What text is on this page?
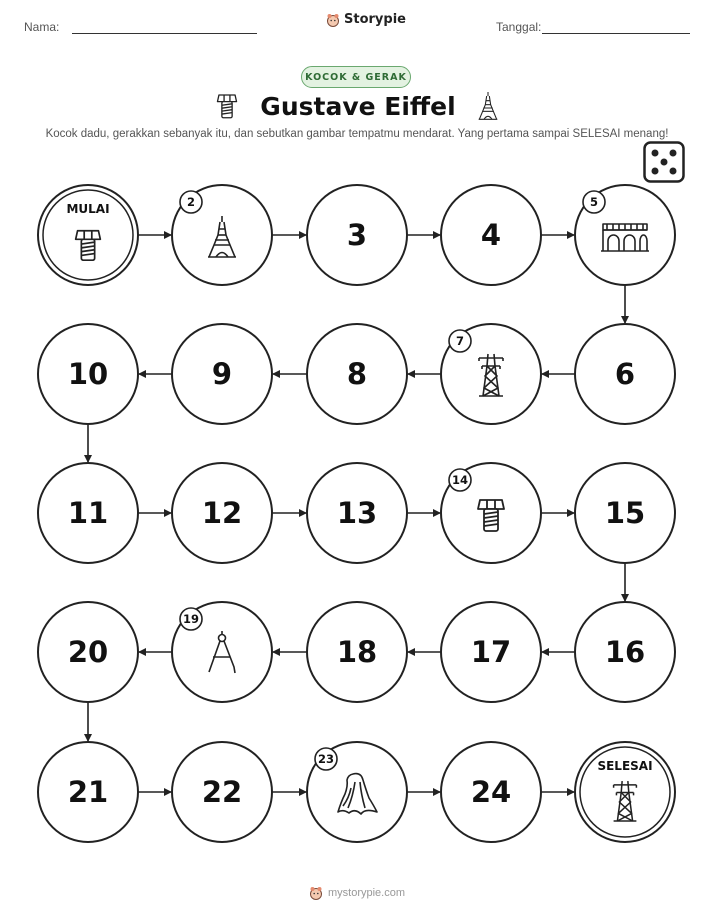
Nama:	Storypie	Tanggal:
KOCOK & GERAK
Gustave Eiffel
Kocok dadu, gerakkan sebanyak itu, dan sebutkan gambar tempatmu mendarat. Yang pertama sampai SELESAI menang!
MULAI	2
3	4
5
6
7
8
9
10
11	12	13
14
15
16
17
18
19
20
21	22
23
24
SELESAI
mystorypie.com
